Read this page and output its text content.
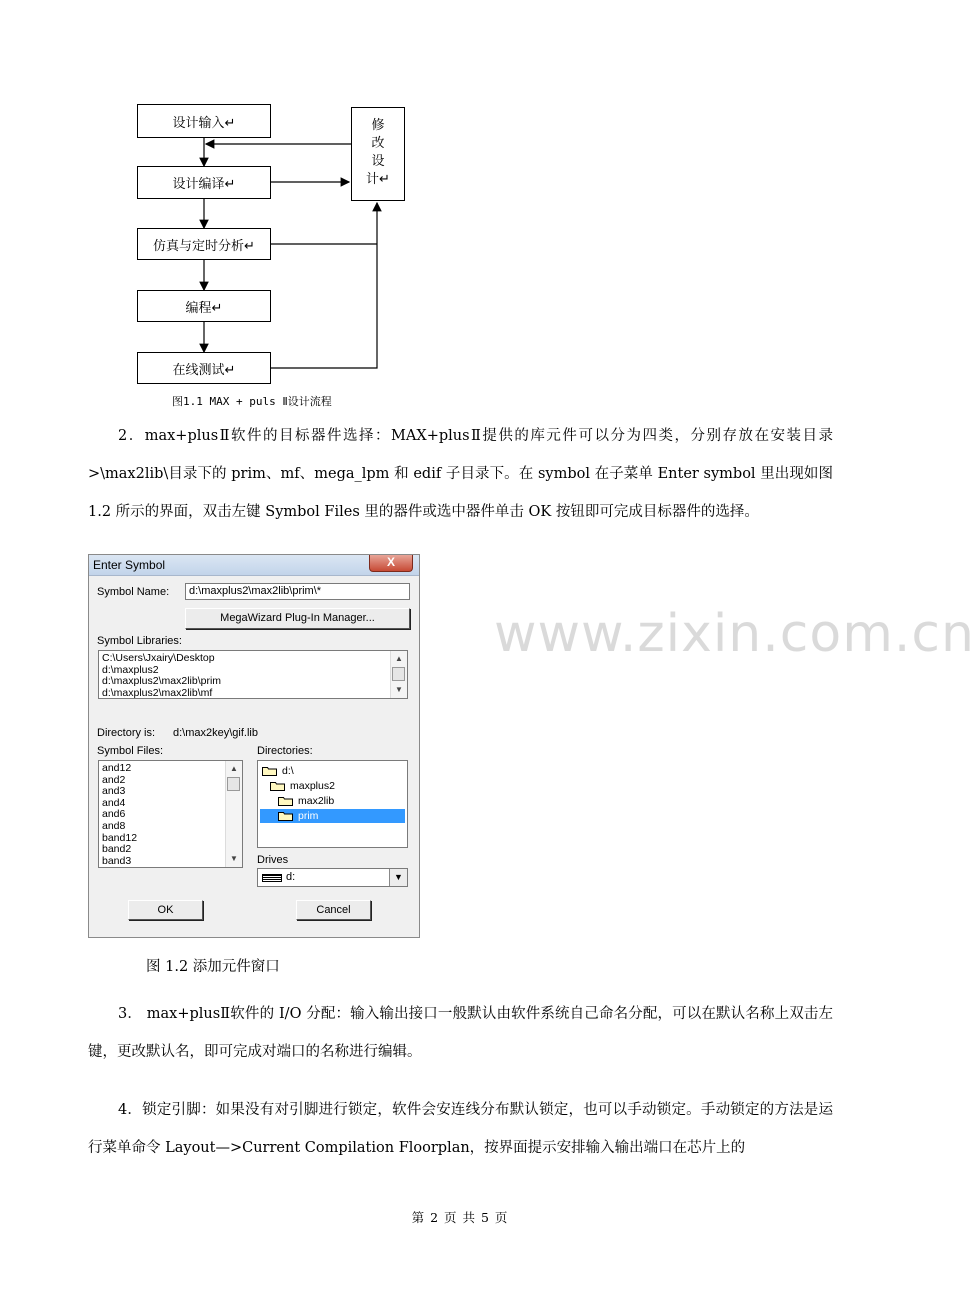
设计输入↵
设计编译↵
仿真与定时分析↵
编程↵
在线测试↵
修
改
设
计↵
图1.1 MAX + puls Ⅱ设计流程
2．max+plusⅡ软件的目标器件选择：MAX+plusⅡ提供的库元件可以分为四类，分别存放在安装目录>\max2lib\目录下的 prim、mf、mega_lpm 和 edif 子目录下。在 symbol 在子菜单 Enter symbol 里出现如图 1.2 所示的界面，双击左键 Symbol Files 里的器件或选中器件单击 OK 按钮即可完成目标器件的选择。
Enter Symbol	X
Symbol Name:	d:\maxplus2\max2lib\prim\*
MegaWizard Plug-In Manager...
Symbol Libraries:
C:\Users\Jxairy\Desktop
d:\maxplus2
d:\maxplus2\max2lib\prim
d:\maxplus2\max2lib\mf
▲
▼
Directory is: d:\max2key\gif.lib
Symbol Files:
and12
and2
and3
and4
and6
and8
band12
band2
band3
▲
▼
Directories:
d:\
maxplus2
max2lib
prim
Drives
d:	▼
OK	Cancel
www.zixin.com.cn
图 1.2 添加元件窗口
3． max+plusⅡ软件的 I/O 分配：输入输出接口一般默认由软件系统自己命名分配，可以在默认名称上双击左键，更改默认名，即可完成对端口的名称进行编辑。
4．锁定引脚：如果没有对引脚进行锁定，软件会安连线分布默认锁定，也可以手动锁定。手动锁定的方法是运行菜单命令 Layout—>Current Compilation Floorplan，按界面提示安排输入输出端口在芯片上的
第 2 页 共 5 页
